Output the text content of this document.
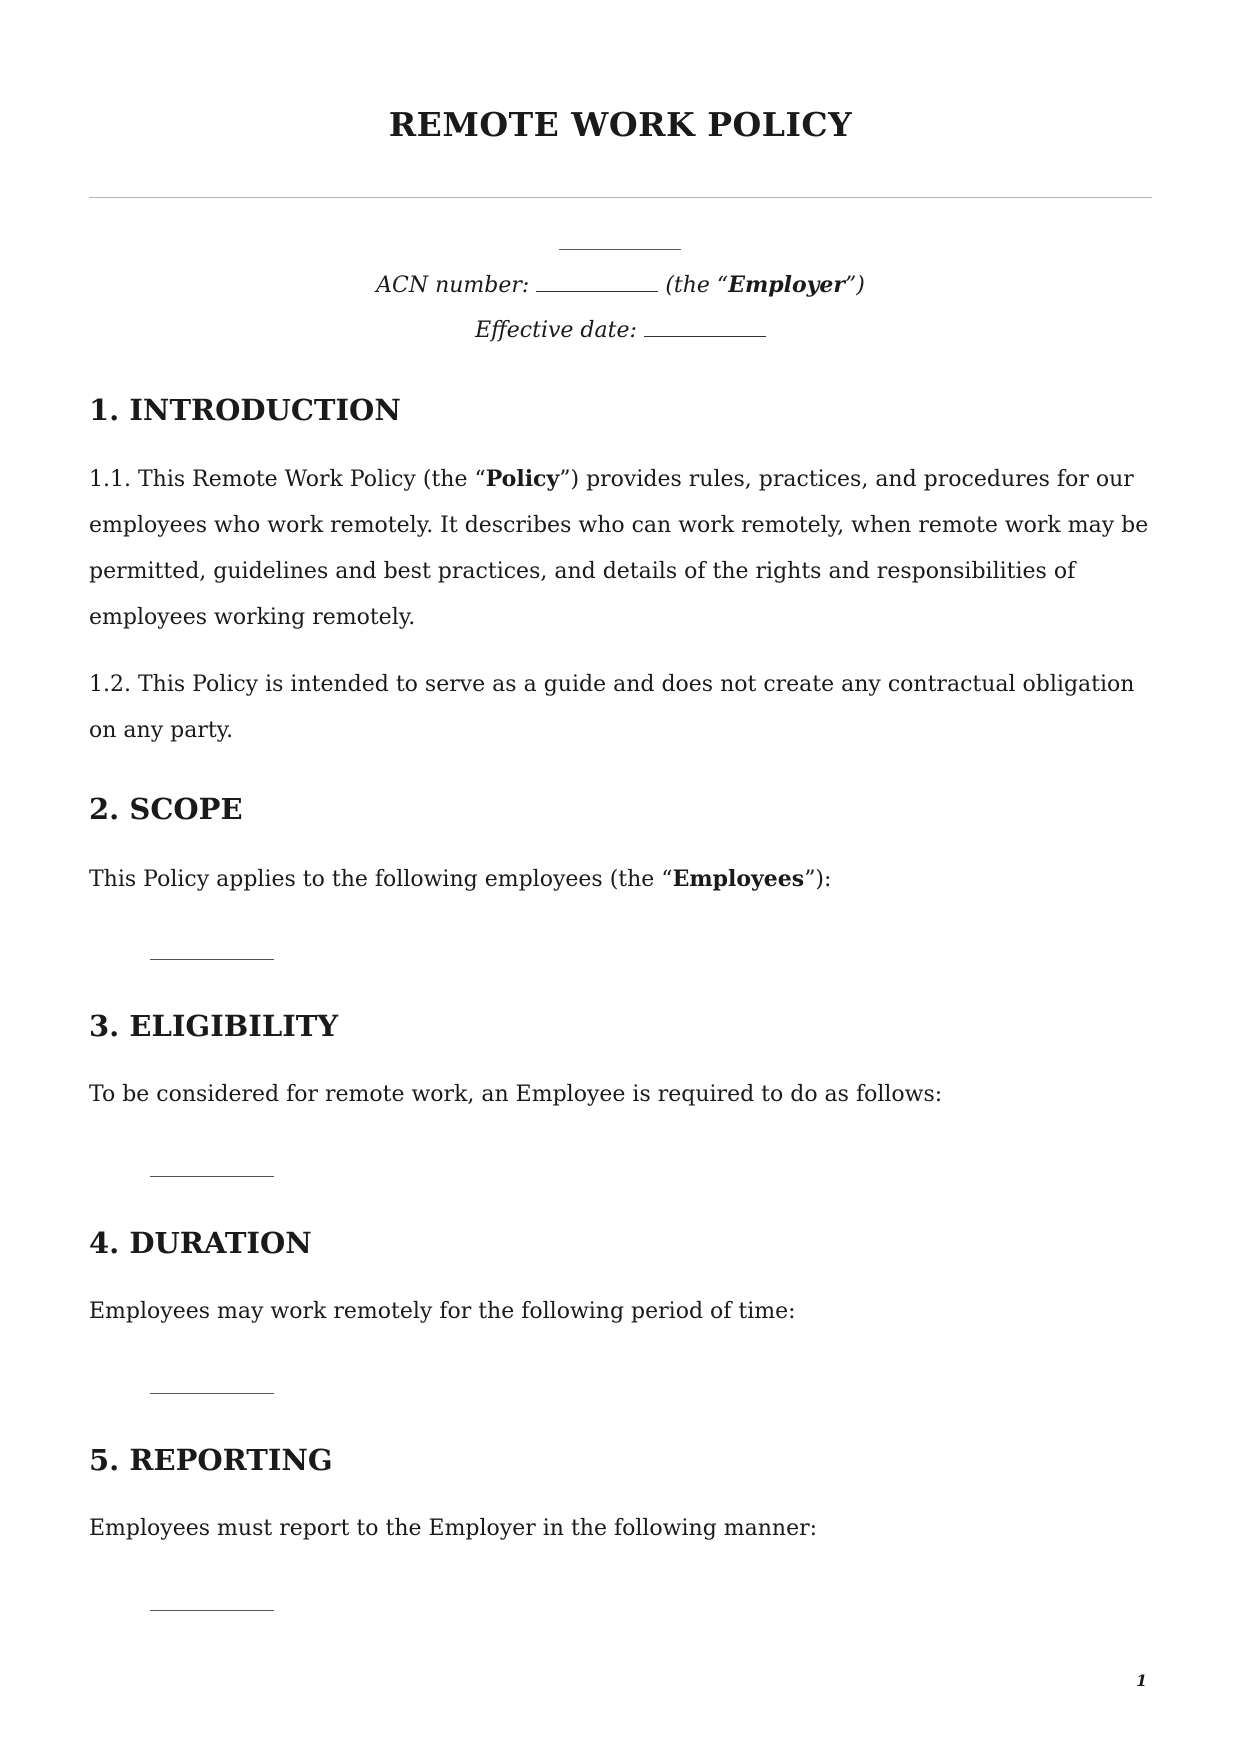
REMOTE WORK POLICY
ACN number:	(the “Employer”)
Effective date:
1. INTRODUCTION

1.1. This Remote Work Policy (the “Policy”) provides rules, practices, and procedures for our employees who work remotely. It describes who can work remotely, when remote work may be permitted, guidelines and best practices, and details of the rights and responsibilities of employees working remotely.

1.2. This Policy is intended to serve as a guide and does not create any contractual obligation on any party.

2. SCOPE

This Policy applies to the following employees (the “Employees”):

3. ELIGIBILITY

To be considered for remote work, an Employee is required to do as follows:

4. DURATION

Employees may work remotely for the following period of time:

5. REPORTING

Employees must report to the Employer in the following manner:

1
